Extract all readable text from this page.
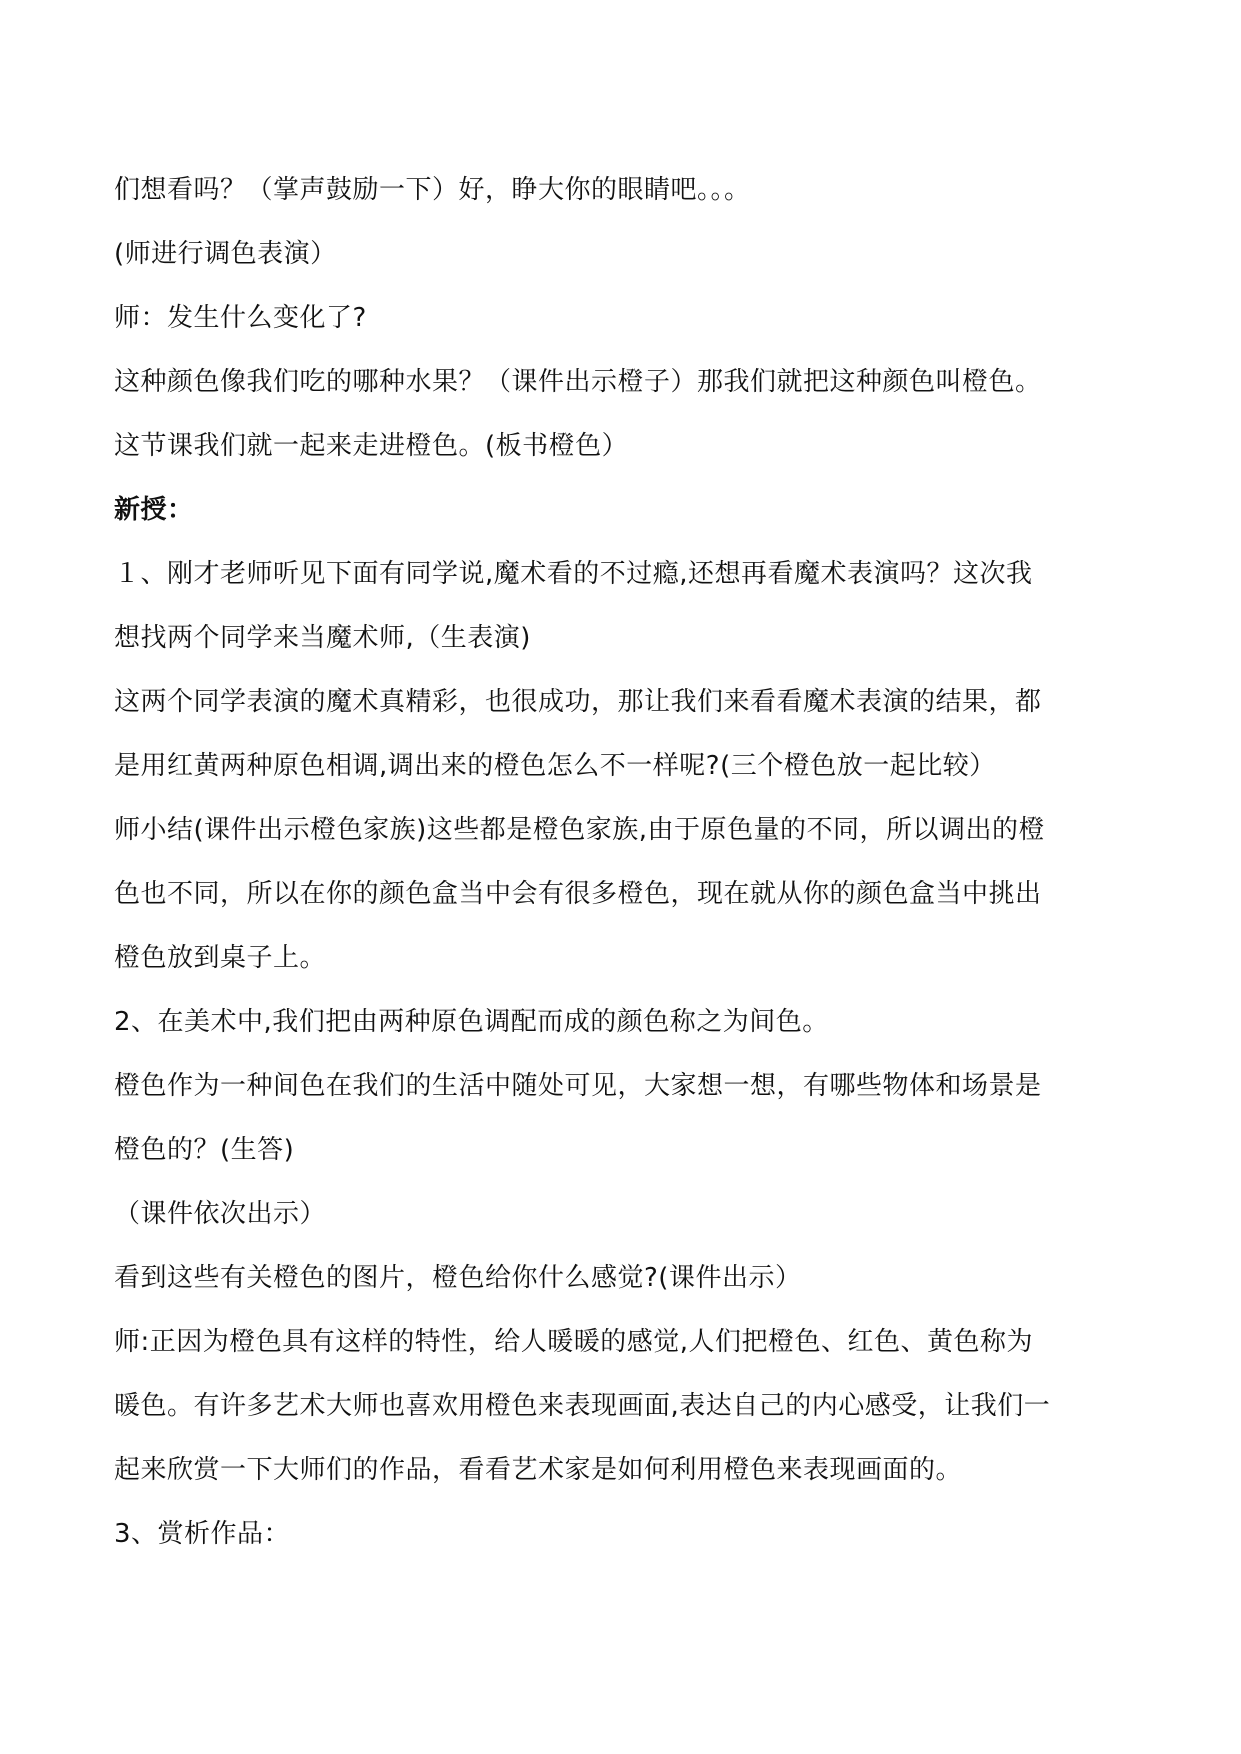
们想看吗？（掌声鼓励一下）好，睁大你的眼睛吧。。。
(师进行调色表演）
师：发生什么变化了?
这种颜色像我们吃的哪种水果？（课件出示橙子）那我们就把这种颜色叫橙色。
这节课我们就一起来走进橙色。(板书橙色）
新授：
１、刚才老师听见下面有同学说,魔术看的不过瘾,还想再看魔术表演吗？这次我
想找两个同学来当魔术师,（生表演)
这两个同学表演的魔术真精彩，也很成功，那让我们来看看魔术表演的结果，都
是用红黄两种原色相调,调出来的橙色怎么不一样呢?(三个橙色放一起比较）
师小结(课件出示橙色家族)这些都是橙色家族,由于原色量的不同，所以调出的橙
色也不同，所以在你的颜色盒当中会有很多橙色，现在就从你的颜色盒当中挑出
橙色放到桌子上。
2、在美术中,我们把由两种原色调配而成的颜色称之为间色。
橙色作为一种间色在我们的生活中随处可见，大家想一想，有哪些物体和场景是
橙色的？(生答)
（课件依次出示）
看到这些有关橙色的图片，橙色给你什么感觉?(课件出示）
师:正因为橙色具有这样的特性，给人暖暖的感觉,人们把橙色、红色、黄色称为
暖色。有许多艺术大师也喜欢用橙色来表现画面,表达自己的内心感受，让我们一
起来欣赏一下大师们的作品，看看艺术家是如何利用橙色来表现画面的。
3、赏析作品：
